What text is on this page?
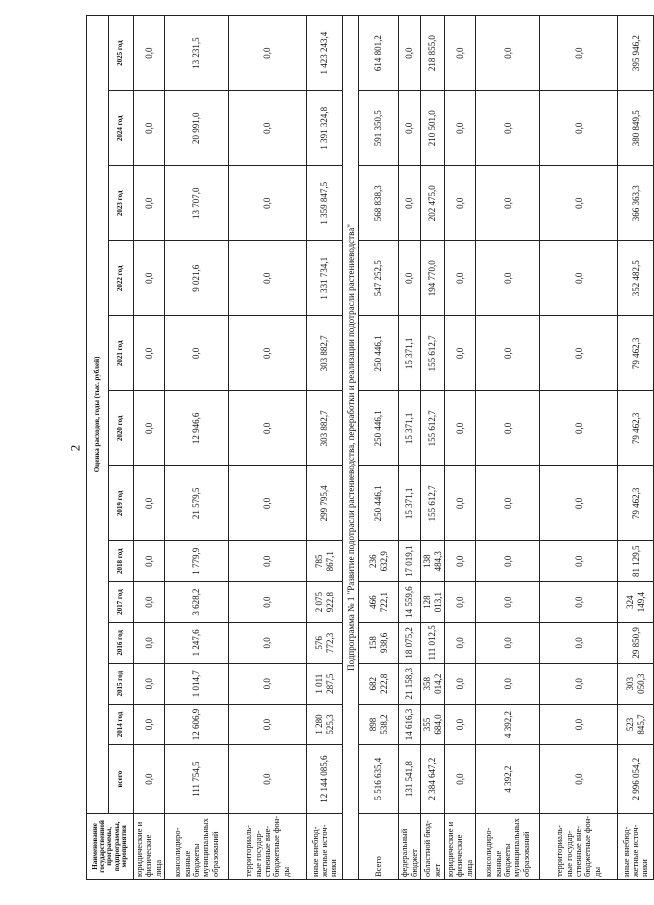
2
Наименование государственной программы, подпрограммы, мероприятия	Оценка расходов, годы (тыс. рублей)												
	всего	2014 год	2015 год	2016 год	2017 год	2018 год	2019 год	2020 год	2021 год	2022 год	2023 год	2024 год	2025 год
юридические и физические лица	0,0	0,0	0,0	0,0	0,0	0,0	0,0	0,0	0,0	0,0	0,0	0,0	0,0
консолидиро-ванные бюджеты муниципальных образований	111 754,5	12 606,9	1 014,7	1 247,6	3 628,2	1 779,9	21 579,5	12 946,6	0,0	9 021,6	13 707,0	20 991,0	13 231,5
территориаль-ные государ-ственные вне-бюджетные фон-ды	0,0	0,0	0,0	0,0	0,0	0,0	0,0	0,0	0,0	0,0	0,0	0,0	0,0
иные внебюд-жетные источ-ники	12 144 085,6	1 280 525,3	1 011 287,5	576 772,3	2 075 922,8	785 867,1	299 795,4	303 882,7	303 882,7	1 331 734,1	1 359 847,5	1 391 324,8	1 423 243,4
Подпрограмма № 1 "Развитие подотрасли растениеводства, переработки и реализации подотрасли растениеводства"													
Всего	5 516 635,4	898 538,2	682 222,8	158 938,6	466 722,1	236 632,9	250 446,1	250 446,1	250 446,1	547 252,5	568 838,3	591 350,5	614 801,2
федеральный бюджет	131 541,8	14 616,3	21 158,3	18 075,2	14 559,6	17 019,1	15 371,1	15 371,1	15 371,1	0,0	0,0	0,0	0,0
областной бюд-жет	2 384 647,2	355 684,0	358 014,2	111 012,5	128 013,1	138 484,3	155 612,7	155 612,7	155 612,7	194 770,0	202 475,0	210 501,0	218 855,0
юридические и физические лица	0,0	0,0	0,0	0,0	0,0	0,0	0,0	0,0	0,0	0,0	0,0	0,0	0,0
консолидиро-ванные бюджеты муниципальных образований	4 392,2	4 392,2	0,0	0,0	0,0	0,0	0,0	0,0	0,0	0,0	0,0	0,0	0,0
территориаль-ные государ-ственные вне-бюджетные фон-ды	0,0	0,0	0,0	0,0	0,0	0,0	0,0	0,0	0,0	0,0	0,0	0,0	0,0
иные внебюд-жетные источ-ники	2 996 054,2	523 845,7	303 050,3	29 850,9	324 149,4	81 129,5	79 462,3	79 462,3	79 462,3	352 482,5	366 363,3	380 849,5	395 946,2
